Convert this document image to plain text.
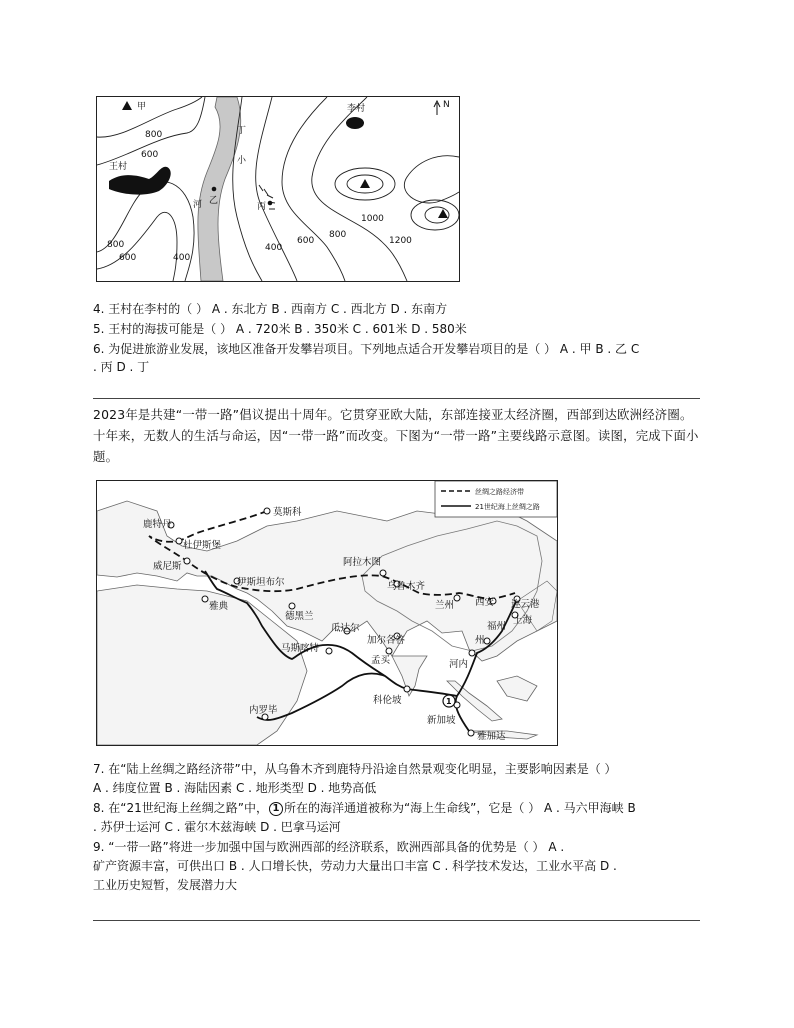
甲	李村
王村
丁
小
河 乙
丙
N
800
600
800
600	400
400
600
800
1000
1200
4. 王村在李村的（ ） A . 东北方 B . 西南方 C . 西北方 D . 东南方
5. 王村的海拔可能是（ ） A . 720米 B . 350米 C . 601米 D . 580米
6. 为促进旅游业发展，该地区准备开发攀岩项目。下列地点适合开发攀岩项目的是（ ） A . 甲 B . 乙 C
. 丙 D . 丁
2023年是共建“一带一路”倡议提出十周年。它贯穿亚欧大陆，东部连接亚太经济圈，西部到达欧洲经济圈。十年来，无数人的生活与命运，因“一带一路”而改变。下图为“一带一路”主要线路示意图。读图，完成下面小题。
丝绸之路经济带
21世纪海上丝绸之路
1
莫斯科
鹿特丹
杜伊斯堡
威尼斯
伊斯坦布尔
雅典
阿拉木图
乌鲁木齐
兰州 西安 连云港
上海
德黑兰
瓜达尔
马斯喀特
加尔各答
孟买
州
福州
河内
内罗毕
科伦坡
新加坡
雅加达
7. 在“陆上丝绸之路经济带”中，从乌鲁木齐到鹿特丹沿途自然景观变化明显，主要影响因素是（ ）
A . 纬度位置 B . 海陆因素 C . 地形类型 D . 地势高低
8. 在“21世纪海上丝绸之路”中， 1 所在的海洋通道被称为“海上生命线”，它是（ ） A . 马六甲海峡 B
. 苏伊士运河 C . 霍尔木兹海峡 D . 巴拿马运河
9. “一带一路”将进一步加强中国与欧洲西部的经济联系，欧洲西部具备的优势是（ ） A .
矿产资源丰富，可供出口 B . 人口增长快，劳动力大量出口丰富 C . 科学技术发达，工业水平高 D .
工业历史短暂，发展潜力大
